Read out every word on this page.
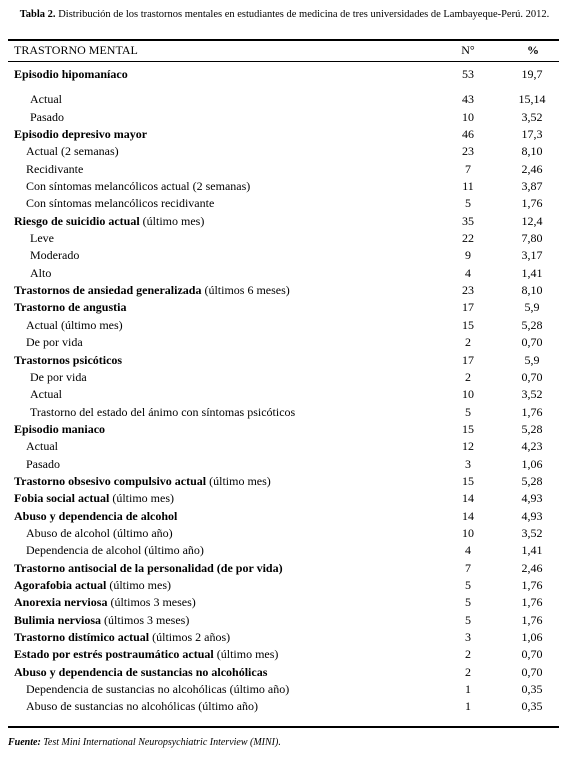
Tabla 2. Distribución de los trastornos mentales en estudiantes de medicina de tres universidades de Lambayeque-Perú. 2012.
TRASTORNO MENTAL	N°	%
Episodio hipomaníaco	53	19,7
Actual	43	15,14
Pasado	10	3,52
Episodio depresivo mayor	46	17,3
Actual (2 semanas)	23	8,10
Recidivante	7	2,46
Con síntomas melancólicos actual (2 semanas)	11	3,87
Con síntomas melancólicos recidivante	5	1,76
Riesgo de suicidio actual (último mes)	35	12,4
Leve	22	7,80
Moderado	9	3,17
Alto	4	1,41
Trastornos de ansiedad generalizada (últimos 6 meses)	23	8,10
Trastorno de angustia	17	5,9
Actual (último mes)	15	5,28
De por vida	2	0,70
Trastornos psicóticos	17	5,9
De por vida	2	0,70
Actual	10	3,52
Trastorno del estado del ánimo con síntomas psicóticos	5	1,76
Episodio maniaco	15	5,28
Actual	12	4,23
Pasado	3	1,06
Trastorno obsesivo compulsivo actual (último mes)	15	5,28
Fobia social actual (último mes)	14	4,93
Abuso y dependencia de alcohol	14	4,93
Abuso de alcohol (último año)	10	3,52
Dependencia de alcohol (último año)	4	1,41
Trastorno antisocial de la personalidad (de por vida)	7	2,46
Agorafobia actual (último mes)	5	1,76
Anorexia nerviosa (últimos 3 meses)	5	1,76
Bulimia nerviosa (últimos 3 meses)	5	1,76
Trastorno distímico actual (últimos 2 años)	3	1,06
Estado por estrés postraumático actual (último mes)	2	0,70
Abuso y dependencia de sustancias no alcohólicas	2	0,70
Dependencia de sustancias no alcohólicas (último año)	1	0,35
Abuso de sustancias no alcohólicas (último año)	1	0,35
Fuente: Test Mini International Neuropsychiatric Interview (MINI).
